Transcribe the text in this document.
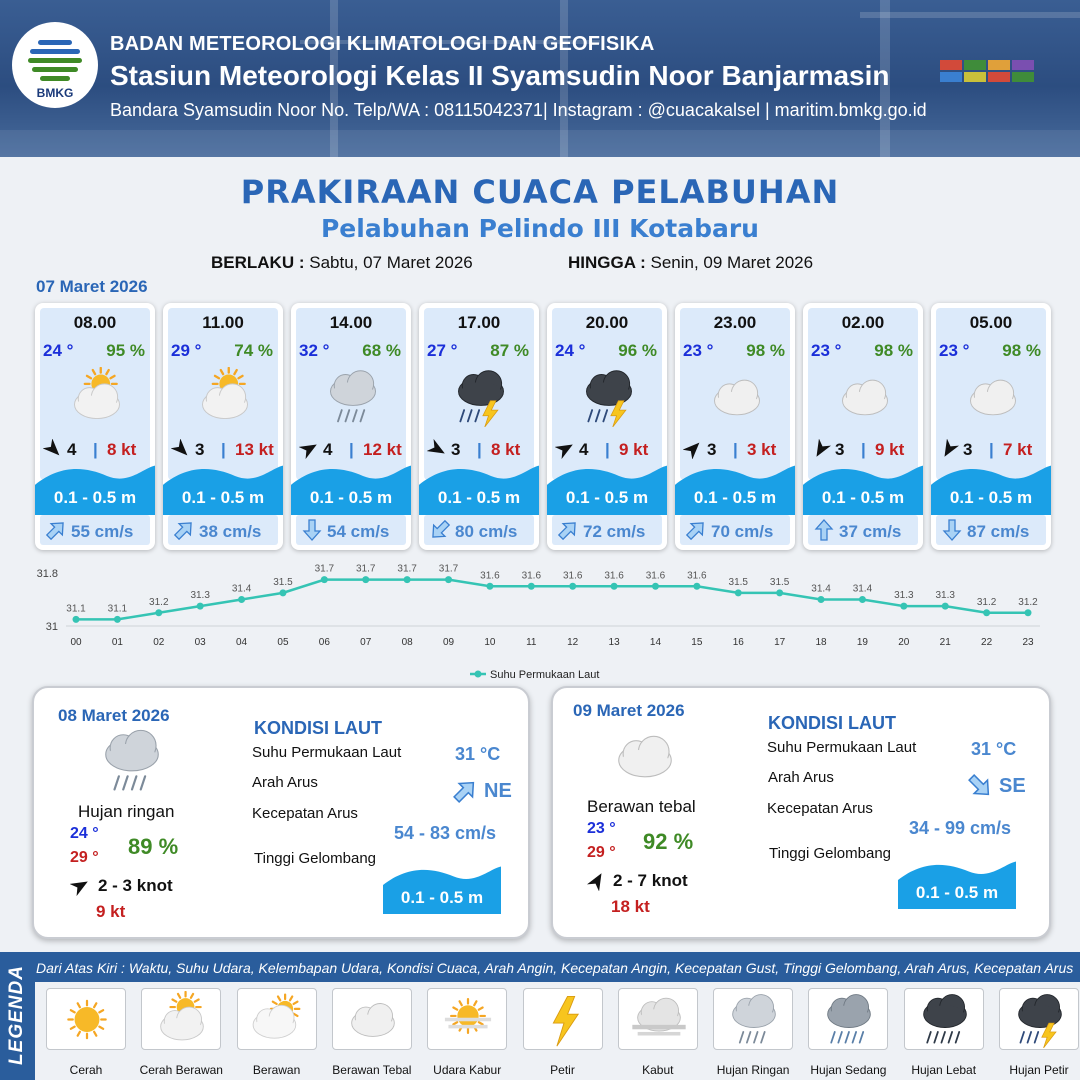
BMKG
BADAN METEOROLOGI KLIMATOLOGI DAN GEOFISIKA
Stasiun Meteorologi Kelas II Syamsudin Noor Banjarmasin
Bandara Syamsudin Noor No. Telp/WA : 08115042371| Instagram : @cuacakalsel | maritim.bmkg.go.id
PRAKIRAAN CUACA PELABUHAN
Pelabuhan Pelindo III Kotabaru
BERLAKU : Sabtu, 07 Maret 2026	HINGGA : Senin, 09 Maret 2026
07 Maret 2026
08.00
24 ° 95 %
4 | 8 kt
0.1 - 0.5 m
55 cm/s
11.00
29 ° 74 %
3 | 13 kt
0.1 - 0.5 m
38 cm/s
14.00
32 ° 68 %
4 | 12 kt
0.1 - 0.5 m
54 cm/s
17.00
27 ° 87 %
3 | 8 kt
0.1 - 0.5 m
80 cm/s
20.00
24 ° 96 %
4 | 9 kt
0.1 - 0.5 m
72 cm/s
23.00
23 ° 98 %
3 | 3 kt
0.1 - 0.5 m
70 cm/s
02.00
23 ° 98 %
3 | 9 kt
0.1 - 0.5 m
37 cm/s
05.00
23 ° 98 %
3 | 7 kt
0.1 - 0.5 m
87 cm/s
31
31.8
31.1
00
31.1
01
31.2
02
31.3
03
31.4
04
31.5
05
31.7
06
31.7
07
31.7
08
31.7
09
31.6
10
31.6
11
31.6
12
31.6
13
31.6
14
31.6
15
31.5
16
31.5
17
31.4
18
31.4
19
31.3
20
31.3
21
31.2
22
31.2
23
Suhu Permukaan Laut
08 Maret 2026
Hujan ringan
24 °
29 ° 89 %
2 - 3 knot
9 kt
KONDISI LAUT
Suhu Permukaan Laut	31 °C
Arah Arus	NE
Kecepatan Arus
54 - 83 cm/s
Tinggi Gelombang
0.1 - 0.5 m
09 Maret 2026
Berawan tebal
23 °
29 ° 92 %
2 - 7 knot
18 kt
KONDISI LAUT
Suhu Permukaan Laut	31 °C
Arah Arus	SE
Kecepatan Arus
34 - 99 cm/s
Tinggi Gelombang
0.1 - 0.5 m
LEGENDA Dari Atas Kiri : Waktu, Suhu Udara, Kelembapan Udara, Kondisi Cuaca, Arah Angin, Kecepatan Angin, Kecepatan Gust, Tinggi Gelombang, Arah Arus, Kecepatan Arus
Cerah	Cerah Berawan	Berawan	Berawan Tebal	Udara Kabur	Petir	Kabut	Hujan Ringan	Hujan Sedang	Hujan Lebat	Hujan Petir
